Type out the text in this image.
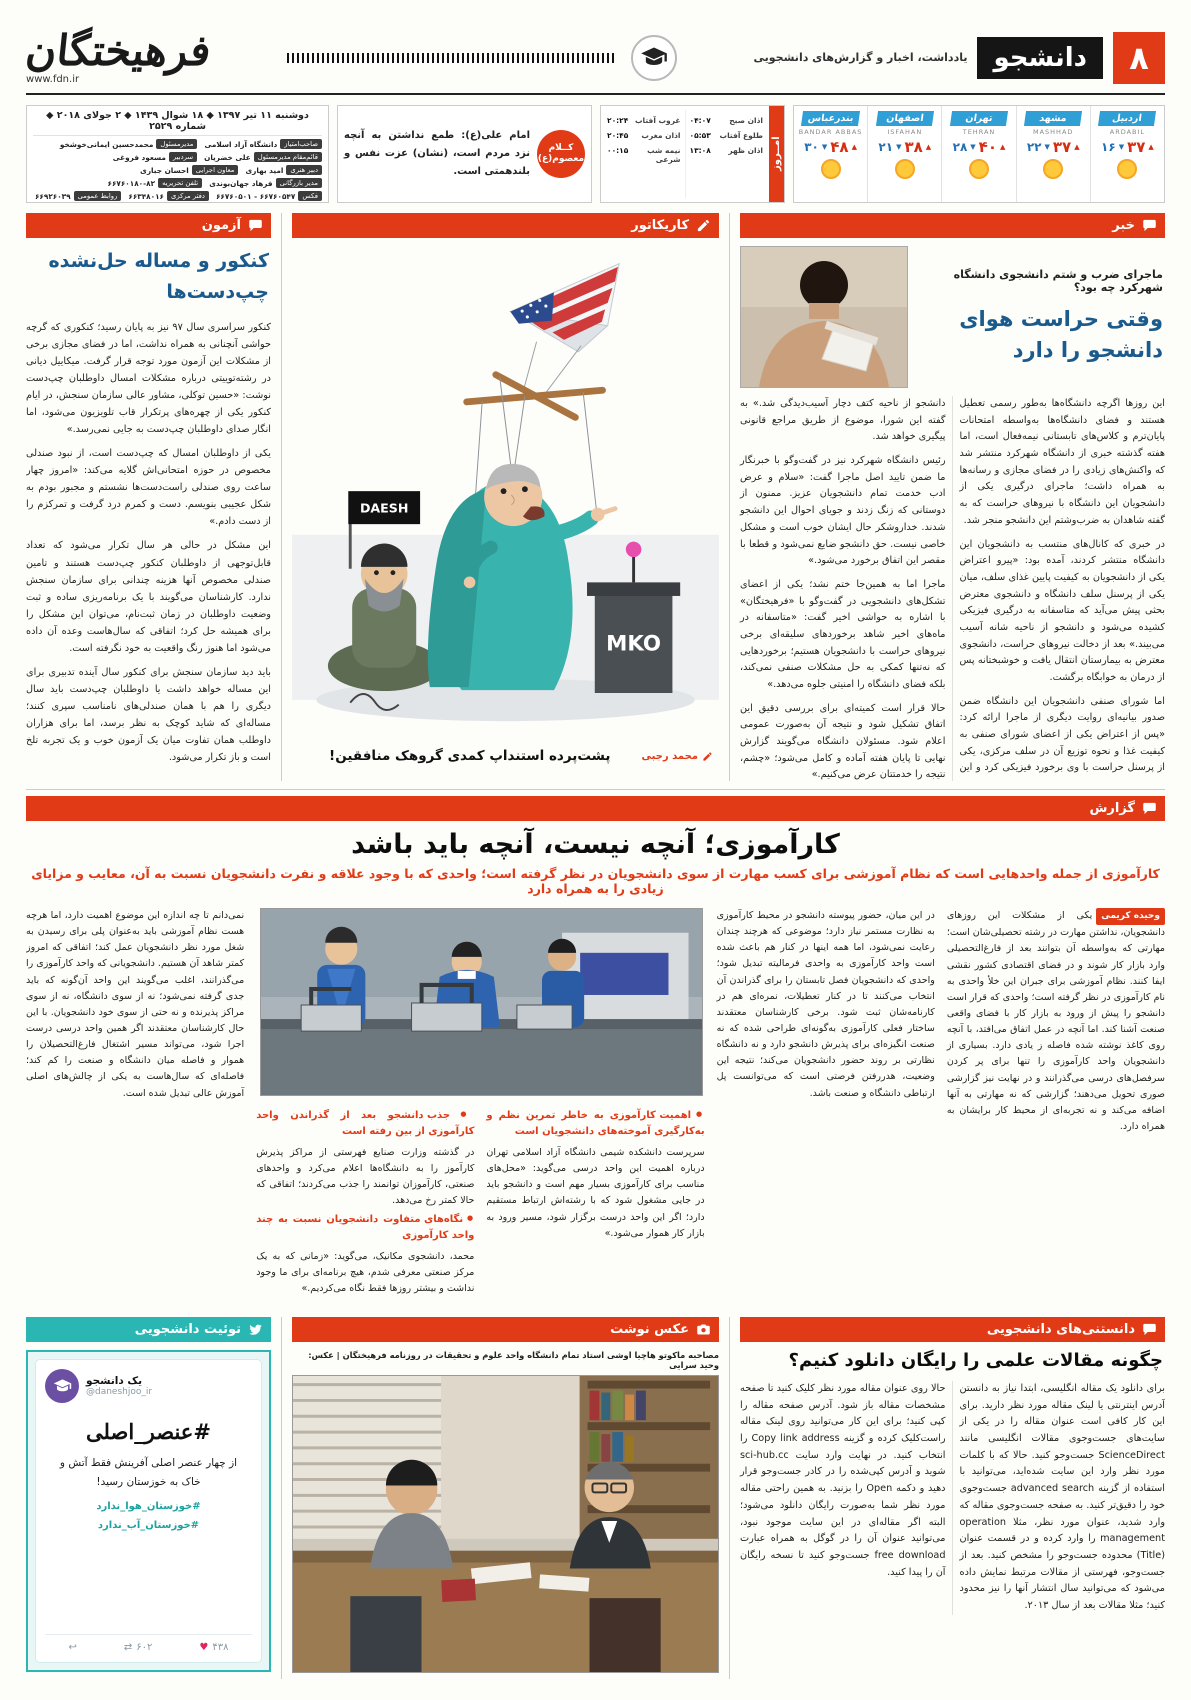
۸
دانشجو
یادداشت، اخبار و گزارش‌های دانشجویی
فرهیختگان
www.fdn.ir
اردبیل
ARDABIL
▲
۳۷
▼
۱۶
مشهد
MASHHAD
▲
۳۷
▼
۲۲
تهران
TEHRAN
▲
۴۰
▼
۲۸
اصفهان
ISFAHAN
▲
۳۸
▼
۲۱
بندرعباس
BANDAR ABBAS
▲
۴۸
▼
۳۰
امــروز
اذان صبح
۰۴:۰۷
طلوع آفتاب
۰۵:۵۳
اذان ظهر
۱۳:۰۸
غروب آفتاب
۲۰:۲۴
اذان مغرب
۲۰:۴۵
نیمه شب شرعی
۰۰:۱۵
کــلام معصوم(ع)
امام علی(ع): طمع نداشتن به آنچه نزد مردم است، (نشان) عزت نفس و بلندهمتی است.
دوشنبه ۱۱ تیر ۱۳۹۷ ◆ ۱۸ شوال ۱۴۳۹ ◆ ۲ جولای ۲۰۱۸ ◆ شماره ۲۵۲۹
صاحب‌امتیاز
دانشگاه آزاد اسلامی
مدیرمسئول
محمدحسین ایمانی‌خوشخو
قائم‌مقام مدیرمسئول
علی خضریان
سردبیر
مسعود فروغی
دبیر هنری
امید بهاری
معاون اجرایی
احسان جباری
مدیر بازرگانی
فرهاد جهان‌بوندی
تلفن تحریریه
۶۶۷۶۰۱۸۰-۸۲
فکس
۶۶۷۶۰۵۴۷ - ۶۶۷۶۰۵۰۱
دفتر مرکزی
۶۶۳۴۸۰۱۶
روابط عمومی
۶۶۹۲۶۰۳۹
خبر
ماجرای ضرب و شتم دانشجوی دانشگاه شهرکرد چه بود؟
وقتی حراست هوای دانشجو را دارد

این روزها اگرچه دانشگاه‌ها به‌طور رسمی تعطیل هستند و فضای دانشگاه‌ها به‌واسطه امتحانات پایان‌ترم و کلاس‌های تابستانی نیمه‌فعال است، اما هفته گذشته خبری از دانشگاه شهرکرد منتشر شد که واکنش‌های زیادی را در فضای مجازی و رسانه‌ها به همراه داشت؛ ماجرای درگیری یکی از دانشجویان این دانشگاه با نیروهای حراست که به گفته شاهدان به ضرب‌وشتم این دانشجو منجر شد.

در خبری که کانال‌های منتسب به دانشجویان این دانشگاه منتشر کردند، آمده بود: «پیرو اعتراض یکی از دانشجویان به کیفیت پایین غذای سلف، میان یکی از پرسنل سلف دانشگاه و دانشجوی معترض بحثی پیش می‌آید که متاسفانه به درگیری فیزیکی کشیده می‌شود و دانشجو از ناحیه شانه آسیب می‌بیند.» بعد از دخالت نیروهای حراست، دانشجوی معترض به بیمارستان انتقال یافت و خوشبختانه پس از درمان به خوابگاه برگشت.

اما شورای صنفی دانشجویان این دانشگاه ضمن صدور بیانیه‌ای روایت دیگری از ماجرا ارائه کرد: «پس از اعتراض یکی از اعضای شورای صنفی به کیفیت غذا و نحوه توزیع آن در سلف مرکزی، یکی از پرسنل حراست با وی برخورد فیزیکی کرد و این دانشجو از ناحیه کتف دچار آسیب‌دیدگی شد.» به گفته این شورا، موضوع از طریق مراجع قانونی پیگیری خواهد شد.

رئیس دانشگاه شهرکرد نیز در گفت‌وگو با خبرنگار ما ضمن تایید اصل ماجرا گفت: «سلام و عرض ادب خدمت تمام دانشجویان عزیز. ممنون از دوستانی که زنگ زدند و جویای احوال این دانشجو شدند. خداروشکر حال ایشان خوب است و مشکل خاصی نیست. حق دانشجو ضایع نمی‌شود و قطعا با مقصر این اتفاق برخورد می‌شود.»

ماجرا اما به همین‌جا ختم نشد؛ یکی از اعضای تشکل‌های دانشجویی در گفت‌وگو با «فرهیختگان» با اشاره به حواشی اخیر گفت: «متاسفانه در ماه‌های اخیر شاهد برخوردهای سلیقه‌ای برخی نیروهای حراست با دانشجویان هستیم؛ برخوردهایی که نه‌تنها کمکی به حل مشکلات صنفی نمی‌کند، بلکه فضای دانشگاه را امنیتی جلوه می‌دهد.»

حالا قرار است کمیته‌ای برای بررسی دقیق این اتفاق تشکیل شود و نتیجه آن به‌صورت عمومی اعلام شود. مسئولان دانشگاه می‌گویند گزارش نهایی تا پایان هفته آماده و کامل می‌شود؛ «چشم، نتیجه را خدمتتان عرض می‌کنیم.»

کاریکاتور
DAESH
MKO
محمد رجبی
پشت‌پرده استنداپ کمدی گروهک منافقین!
آزمون
کنکور و مساله حل‌نشده چپ‌دست‌ها

کنکور سراسری سال ۹۷ نیز به پایان رسید؛ کنکوری که گرچه حواشی آنچنانی به همراه نداشت، اما در فضای مجازی برخی از مشکلات این آزمون مورد توجه قرار گرفت. میکاییل دیانی در رشته‌توییتی درباره مشکلات امسال داوطلبان چپ‌دست نوشت: «حسین توکلی، مشاور عالی سازمان سنجش، در ایام کنکور یکی از چهره‌های پرتکرار قاب تلویزیون می‌شود، اما انگار صدای داوطلبان چپ‌دست به جایی نمی‌رسد.»

یکی از داوطلبان امسال که چپ‌دست است، از نبود صندلی مخصوص در حوزه امتحانی‌اش گلایه می‌کند: «امروز چهار ساعت روی صندلی راست‌دست‌ها نشستم و مجبور بودم به شکل عجیبی بنویسم. دست و کمرم درد گرفت و تمرکزم را از دست دادم.»

این مشکل در حالی هر سال تکرار می‌شود که تعداد قابل‌توجهی از داوطلبان کنکور چپ‌دست هستند و تامین صندلی مخصوص آنها هزینه چندانی برای سازمان سنجش ندارد. کارشناسان می‌گویند با یک برنامه‌ریزی ساده و ثبت وضعیت داوطلبان در زمان ثبت‌نام، می‌توان این مشکل را برای همیشه حل کرد؛ اتفاقی که سال‌هاست وعده آن داده می‌شود اما هنوز رنگ واقعیت به خود نگرفته است.

باید دید سازمان سنجش برای کنکور سال آینده تدبیری برای این مساله خواهد داشت یا داوطلبان چپ‌دست باید سال دیگری را هم با همان صندلی‌های نامناسب سپری کنند؛ مساله‌ای که شاید کوچک به نظر برسد، اما برای هزاران داوطلب همان تفاوت میان یک آزمون خوب و یک تجربه تلخ است و باز تکرار می‌شود.

گزارش
کارآموزی؛ آنچه نیست، آنچه باید باشد
کارآموزی از جمله واحدهایی است که نظام آموزشی برای کسب مهارت از سوی دانشجویان در نظر گرفته است؛ واحدی که با وجود علاقه و نفرت دانشجویان نسبت به آن، معایب و مزایای زیادی را به همراه دارد

وحیده کریمییکی از مشکلات این روزهای دانشجویان، نداشتن مهارت در رشته تحصیلی‌شان است؛ مهارتی که به‌واسطه آن بتوانند بعد از فارغ‌التحصیلی وارد بازار کار شوند و در فضای اقتصادی کشور نقشی ایفا کنند. نظام آموزشی برای جبران این خلأ واحدی به نام کارآموزی در نظر گرفته است؛ واحدی که قرار است دانشجو را پیش از ورود به بازار کار با فضای واقعی صنعت آشنا کند. اما آنچه در عمل اتفاق می‌افتد، با آنچه روی کاغذ نوشته شده فاصله ز یادی دارد. بسیاری از دانشجویان واحد کارآموزی را تنها برای پر کردن سرفصل‌های درسی می‌گذرانند و در نهایت نیز گزارشی صوری تحویل می‌دهند؛ گزارشی که نه مهارتی به آنها اضافه می‌کند و نه تجربه‌ای از محیط کار برایشان به همراه دارد.

در این میان، حضور پیوسته دانشجو در محیط کارآموزی به نظارت مستمر نیاز دارد؛ موضوعی که هرچند چندان رعایت نمی‌شود، اما همه اینها در کنار هم باعث شده است واحد کارآموزی به واحدی فرمالیته تبدیل شود؛ واحدی که دانشجویان فصل تابستان را برای گذراندن آن انتخاب می‌کنند تا در کنار تعطیلات، نمره‌ای هم در کارنامه‌شان ثبت شود. برخی کارشناسان معتقدند ساختار فعلی کارآموزی به‌گونه‌ای طراحی شده که نه صنعت انگیزه‌ای برای پذیرش دانشجو دارد و نه دانشگاه نظارتی بر روند حضور دانشجویان می‌کند؛ نتیجه این وضعیت، هدررفتن فرصتی است که می‌توانست پل ارتباطی دانشگاه و صنعت باشد.

● اهمیت کارآموزی به خاطر تمرین نظم و به‌کارگیری آموخته‌های دانشجویان است

سرپرست دانشکده شیمی دانشگاه آزاد اسلامی تهران درباره اهمیت این واحد درسی می‌گوید: «محل‌های مناسب برای کارآموزی بسیار مهم است و دانشجو باید در جایی مشغول شود که با رشته‌اش ارتباط مستقیم دارد؛ اگر این واحد درست برگزار شود، مسیر ورود به بازار کار هموار می‌شود.»

● جذب دانشجو بعد از گذراندن واحد کارآموزی از بین رفته است

در گذشته وزارت صنایع فهرستی از مراکز پذیرش کارآموز را به دانشگاه‌ها اعلام می‌کرد و واحدهای صنعتی، کارآموزان توانمند را جذب می‌کردند؛ اتفاقی که حالا کمتر رخ می‌دهد.

● نگاه‌های متفاوت دانشجویان نسبت به چند واحد کارآموزی

محمد، دانشجوی مکانیک، می‌گوید: «زمانی که به یک مرکز صنعتی معرفی شدم، هیچ برنامه‌ای برای ما وجود نداشت و بیشتر روزها فقط نگاه می‌کردیم.»

نمی‌دانم تا چه اندازه این موضوع اهمیت دارد، اما هرچه هست نظام آموزشی باید به‌عنوان پلی برای رسیدن به شغل مورد نظر دانشجویان عمل کند؛ اتفاقی که امروز کمتر شاهد آن هستیم. دانشجویانی که واحد کارآموزی را می‌گذرانند، اغلب می‌گویند این واحد آن‌گونه که باید جدی گرفته نمی‌شود؛ نه از سوی دانشگاه، نه از سوی مراکز پذیرنده و نه حتی از سوی خود دانشجویان. با این حال کارشناسان معتقدند اگر همین واحد درسی درست اجرا شود، می‌تواند مسیر اشتغال فارغ‌التحصیلان را هموار و فاصله میان دانشگاه و صنعت را کم کند؛ فاصله‌ای که سال‌هاست به یکی از چالش‌های اصلی آموزش عالی تبدیل شده است.

دانستنی‌های دانشجویی
چگونه مقالات علمی را رایگان دانلود کنیم؟

برای دانلود یک مقاله انگلیسی، ابتدا نیاز به دانستن آدرس اینترنتی یا لینک مقاله مورد نظر دارید. برای این کار کافی است عنوان مقاله را در یکی از سایت‌های جست‌وجوی مقالات انگلیسی مانند ScienceDirect جست‌وجو کنید. حالا که با کلمات مورد نظر وارد این سایت شده‌اید، می‌توانید با استفاده از گزینه advanced search جست‌وجوی خود را دقیق‌تر کنید. به صفحه جست‌وجوی مقاله که وارد شدید، عنوان مورد نظر، مثلا operation management را وارد کرده و در قسمت عنوان (Title) محدوده جست‌وجو را مشخص کنید. بعد از جست‌وجو، فهرستی از مقالات مرتبط نمایش داده می‌شود که می‌توانید سال انتشار آنها را نیز محدود کنید؛ مثلا مقالات بعد از سال ۲۰۱۳.

حالا روی عنوان مقاله مورد نظر کلیک کنید تا صفحه مشخصات مقاله باز شود. آدرس صفحه مقاله را کپی کنید؛ برای این کار می‌توانید روی لینک مقاله راست‌کلیک کرده و گزینه Copy link address را انتخاب کنید. در نهایت وارد سایت sci-hub.cc شوید و آدرس کپی‌شده را در کادر جست‌وجو قرار دهید و دکمه Open را بزنید. به همین راحتی مقاله مورد نظر شما به‌صورت رایگان دانلود می‌شود؛ البته اگر مقاله‌ای در این سایت موجود نبود، می‌توانید عنوان آن را در گوگل به همراه عبارت free download جست‌وجو کنید تا نسخه رایگان آن را پیدا کنید.

عکس نوشت
مصاحبه ماکوتو هاچیا اوشی استاد تمام دانشگاه واحد علوم و تحقیقات در روزنامه فرهیختگان | عکس: وحید سرایی
توئیت دانشجویی
یک دانشجو
@daneshjoo_ir
#عنصر_اصلی
از چهار عنصر اصلی آفرینش فقط آتش و
خاک به خوزستان رسید!
#خوزستان_هوا_ندارد
#خوزستان_آب_ندارد
↩	⇄ ۶۰۲	♥ ۴۳۸
